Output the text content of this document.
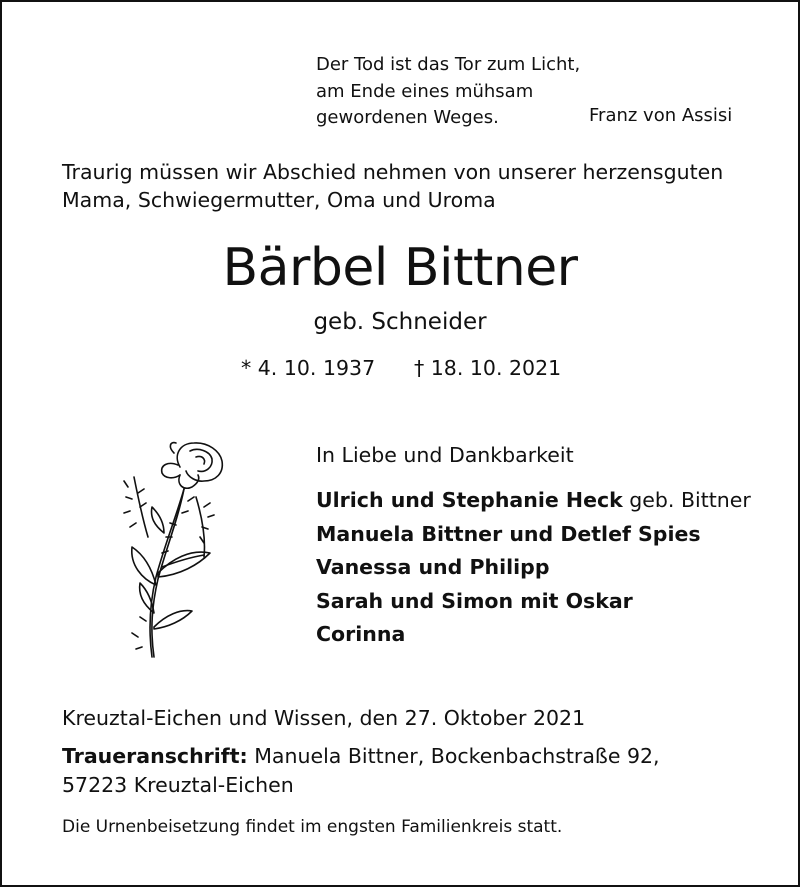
Der Tod ist das Tor zum Licht,
am Ende eines mühsam
gewordenen Weges.	Franz von Assisi
Traurig müssen wir Abschied nehmen von unserer herzensguten
Mama, Schwiegermutter, Oma und Uroma
Bärbel Bittner
geb. Schneider
* 4. 10. 1937 † 18. 10. 2021
In Liebe und Dankbarkeit
Ulrich und Stephanie Heck geb. Bittner
Manuela Bittner und Detlef Spies
Vanessa und Philipp
Sarah und Simon mit Oskar
Corinna
Kreuztal-Eichen und Wissen, den 27. Oktober 2021
Traueranschrift: Manuela Bittner, Bockenbachstraße 92,
57223 Kreuztal-Eichen
Die Urnenbeisetzung findet im engsten Familienkreis statt.
